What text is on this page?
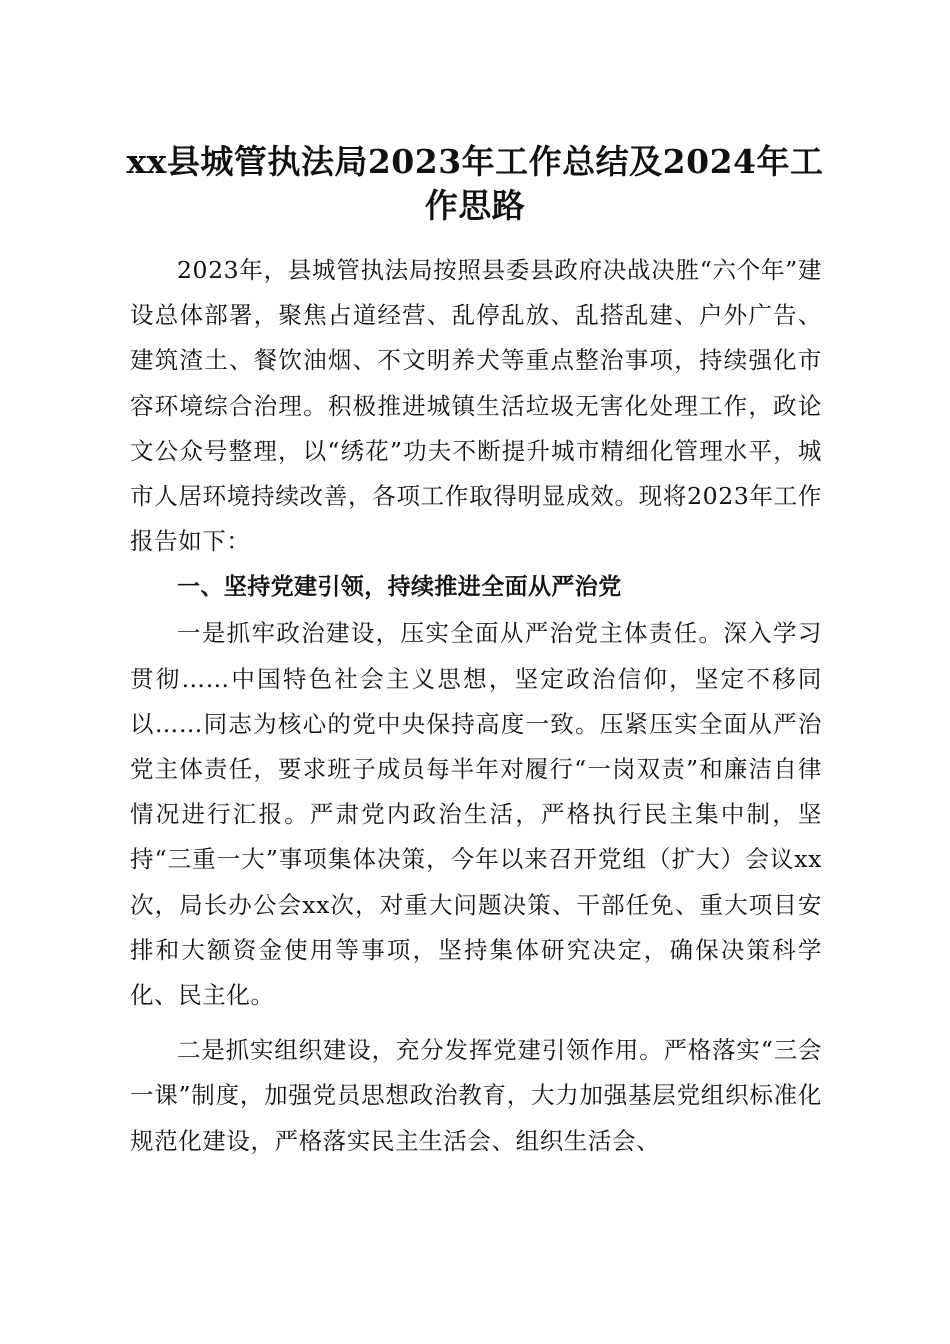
xx县城管执法局2023年工作总结及2024年工作思路

2023年，县城管执法局按照县委县政府决战决胜“六个年”建设总体部署，聚焦占道经营、乱停乱放、乱搭乱建、户外广告、建筑渣土、餐饮油烟、不文明养犬等重点整治事项，持续强化市容环境综合治理。积极推进城镇生活垃圾无害化处理工作，政论文公众号整理，以“绣花”功夫不断提升城市精细化管理水平，城市人居环境持续改善，各项工作取得明显成效。现将2023年工作报告如下：

一、坚持党建引领，持续推进全面从严治党

一是抓牢政治建设，压实全面从严治党主体责任。深入学习贯彻……中国特色社会主义思想，坚定政治信仰，坚定不移同以……同志为核心的党中央保持高度一致。压紧压实全面从严治党主体责任，要求班子成员每半年对履行“一岗双责”和廉洁自律情况进行汇报。严肃党内政治生活，严格执行民主集中制，坚持“三重一大”事项集体决策，今年以来召开党组（扩大）会议xx次，局长办公会xx次，对重大问题决策、干部任免、重大项目安排和大额资金使用等事项，坚持集体研究决定，确保决策科学化、民主化。

二是抓实组织建设，充分发挥党建引领作用。严格落实“三会一课”制度，加强党员思想政治教育，大力加强基层党组织标准化规范化建设，严格落实民主生活会、组织生活会、
